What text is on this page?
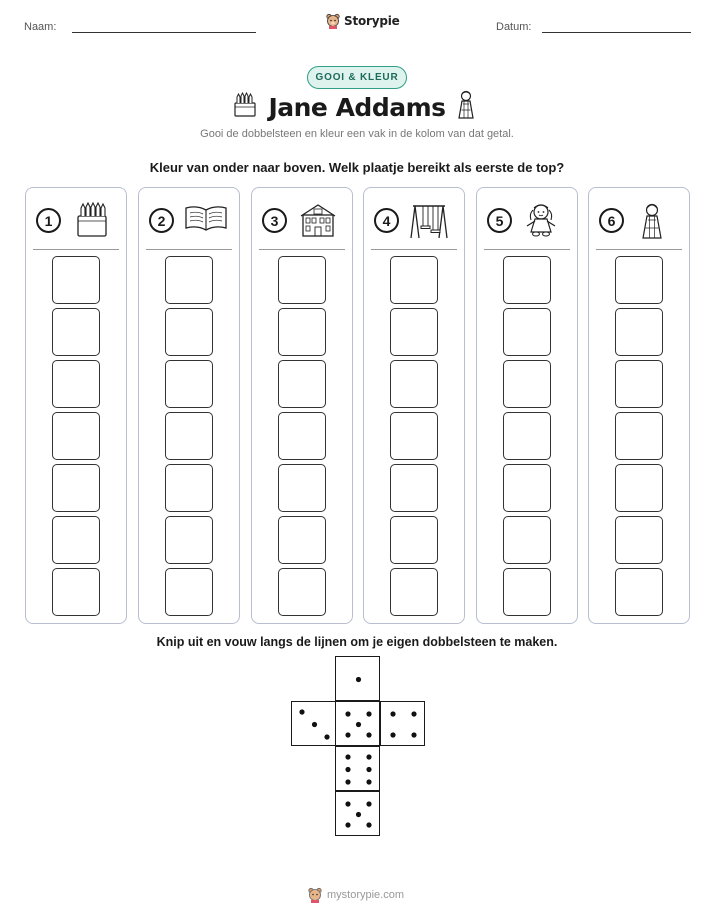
Naam:	Storypie	Datum:
GOOI & KLEUR
Jane Addams
Gooi de dobbelsteen en kleur een vak in de kolom van dat getal.
Kleur van onder naar boven. Welk plaatje bereikt als eerste de top?
1	2	3	4	5	6
Knip uit en vouw langs de lijnen om je eigen dobbelsteen te maken.
mystorypie.com
